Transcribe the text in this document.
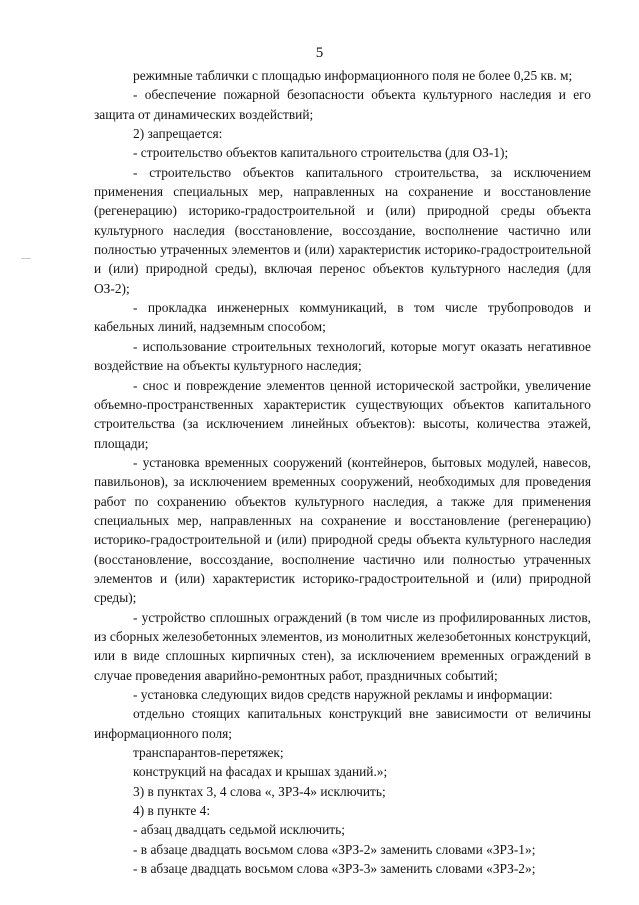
5

режимные таблички с площадью информационного поля не более 0,25 кв. м;

- обеспечение пожарной безопасности объекта культурного наследия и его защита от динамических воздействий;

2) запрещается:

- строительство объектов капитального строительства (для ОЗ-1);

- строительство объектов капитального строительства, за исключением применения специальных мер, направленных на сохранение и восстановление (регенерацию) историко-градостроительной и (или) природной среды объекта культурного наследия (восстановление, воссоздание, восполнение частично или полностью утраченных элементов и (или) характеристик историко-градостроительной и (или) природной среды), включая перенос объектов культурного наследия (для ОЗ-2);

- прокладка инженерных коммуникаций, в том числе трубопроводов и кабельных линий, надземным способом;

- использование строительных технологий, которые могут оказать негативное воздействие на объекты культурного наследия;

- снос и повреждение элементов ценной исторической застройки, увеличение объемно-пространственных характеристик существующих объектов капитального строительства (за исключением линейных объектов): высоты, количества этажей, площади;

- установка временных сооружений (контейнеров, бытовых модулей, навесов, павильонов), за исключением временных сооружений, необходимых для проведения работ по сохранению объектов культурного наследия, а также для применения специальных мер, направленных на сохранение и восстановление (регенерацию) историко-градостроительной и (или) природной среды объекта культурного наследия (восстановление, воссоздание, восполнение частично или полностью утраченных элементов и (или) характеристик историко-градостроительной и (или) природной среды);

- устройство сплошных ограждений (в том числе из профилированных листов, из сборных железобетонных элементов, из монолитных железобетонных конструкций, или в виде сплошных кирпичных стен), за исключением временных ограждений в случае проведения аварийно-ремонтных работ, праздничных событий;

- установка следующих видов средств наружной рекламы и информации:

отдельно стоящих капитальных конструкций вне зависимости от величины информационного поля;

транспарантов-перетяжек;

конструкций на фасадах и крышах зданий.»;

3) в пунктах 3, 4 слова «, ЗРЗ-4» исключить;

4) в пункте 4:

- абзац двадцать седьмой исключить;

- в абзаце двадцать восьмом слова «ЗРЗ-2» заменить словами «ЗРЗ-1»;

- в абзаце двадцать восьмом слова «ЗРЗ-3» заменить словами «ЗРЗ-2»;
